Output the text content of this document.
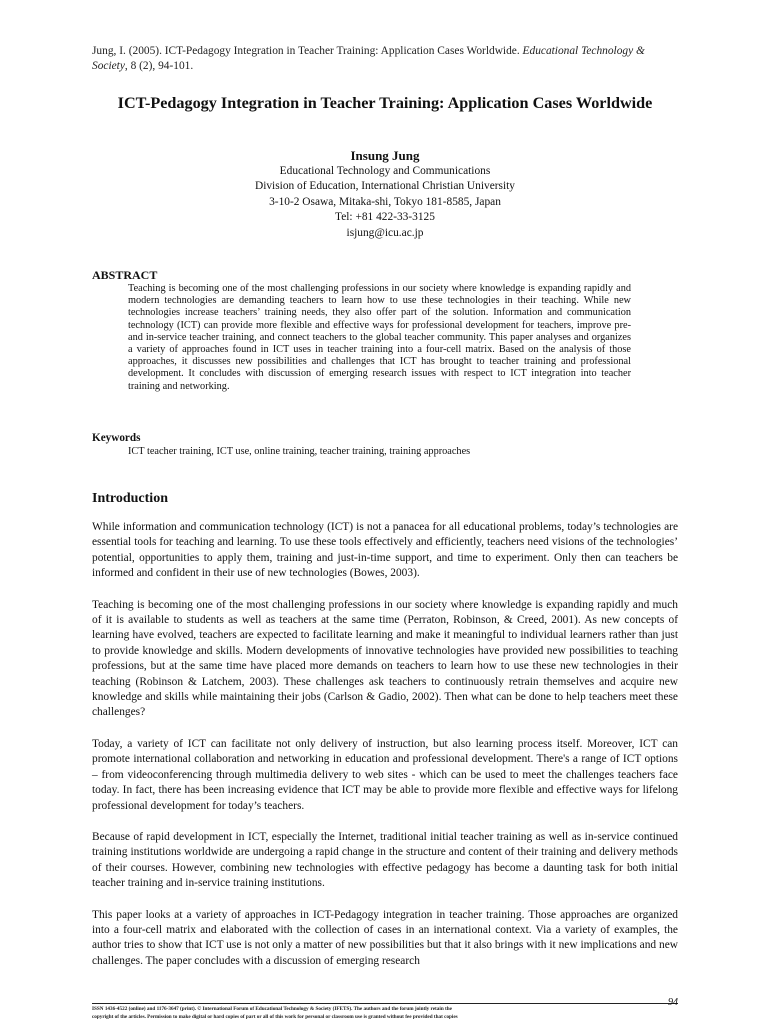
Jung, I. (2005). ICT-Pedagogy Integration in Teacher Training: Application Cases Worldwide. Educational Technology & Society, 8 (2), 94-101.
ICT-Pedagogy Integration in Teacher Training: Application Cases Worldwide
Insung Jung
Educational Technology and Communications
Division of Education, International Christian University
3-10-2 Osawa, Mitaka-shi, Tokyo 181-8585, Japan
Tel: +81 422-33-3125
isjung@icu.ac.jp
ABSTRACT
Teaching is becoming one of the most challenging professions in our society where knowledge is expanding rapidly and modern technologies are demanding teachers to learn how to use these technologies in their teaching. While new technologies increase teachers’ training needs, they also offer part of the solution. Information and communication technology (ICT) can provide more flexible and effective ways for professional development for teachers, improve pre- and in-service teacher training, and connect teachers to the global teacher community. This paper analyses and organizes a variety of approaches found in ICT uses in teacher training into a four-cell matrix. Based on the analysis of those approaches, it discusses new possibilities and challenges that ICT has brought to teacher training and professional development. It concludes with discussion of emerging research issues with respect to ICT integration into teacher training and networking.
Keywords
ICT teacher training, ICT use, online training, teacher training, training approaches
Introduction

While information and communication technology (ICT) is not a panacea for all educational problems, today’s technologies are essential tools for teaching and learning. To use these tools effectively and efficiently, teachers need visions of the technologies’ potential, opportunities to apply them, training and just-in-time support, and time to experiment. Only then can teachers be informed and confident in their use of new technologies (Bowes, 2003).

Teaching is becoming one of the most challenging professions in our society where knowledge is expanding rapidly and much of it is available to students as well as teachers at the same time (Perraton, Robinson, & Creed, 2001). As new concepts of learning have evolved, teachers are expected to facilitate learning and make it meaningful to individual learners rather than just to provide knowledge and skills. Modern developments of innovative technologies have provided new possibilities to teaching professions, but at the same time have placed more demands on teachers to learn how to use these new technologies in their teaching (Robinson & Latchem, 2003). These challenges ask teachers to continuously retrain themselves and acquire new knowledge and skills while maintaining their jobs (Carlson & Gadio, 2002). Then what can be done to help teachers meet these challenges?

Today, a variety of ICT can facilitate not only delivery of instruction, but also learning process itself. Moreover, ICT can promote international collaboration and networking in education and professional development. There's a range of ICT options – from videoconferencing through multimedia delivery to web sites - which can be used to meet the challenges teachers face today. In fact, there has been increasing evidence that ICT may be able to provide more flexible and effective ways for lifelong professional development for today’s teachers.

Because of rapid development in ICT, especially the Internet, traditional initial teacher training as well as in-service continued training institutions worldwide are undergoing a rapid change in the structure and content of their training and delivery methods of their courses. However, combining new technologies with effective pedagogy has become a daunting task for both initial teacher training and in-service training institutions.

This paper looks at a variety of approaches in ICT-Pedagogy integration in teacher training. Those approaches are organized into a four-cell matrix and elaborated with the collection of cases in an international context. Via a variety of examples, the author tries to show that ICT use is not only a matter of new possibilities but that it also brings with it new implications and new challenges. The paper concludes with a discussion of emerging research

ISSN 1436-4522 (online) and 1176-3647 (print). © International Forum of Educational Technology & Society (IFETS). The authors and the forum jointly retain the
copyright of the articles. Permission to make digital or hard copies of part or all of this work for personal or classroom use is granted without fee provided that copies
94
